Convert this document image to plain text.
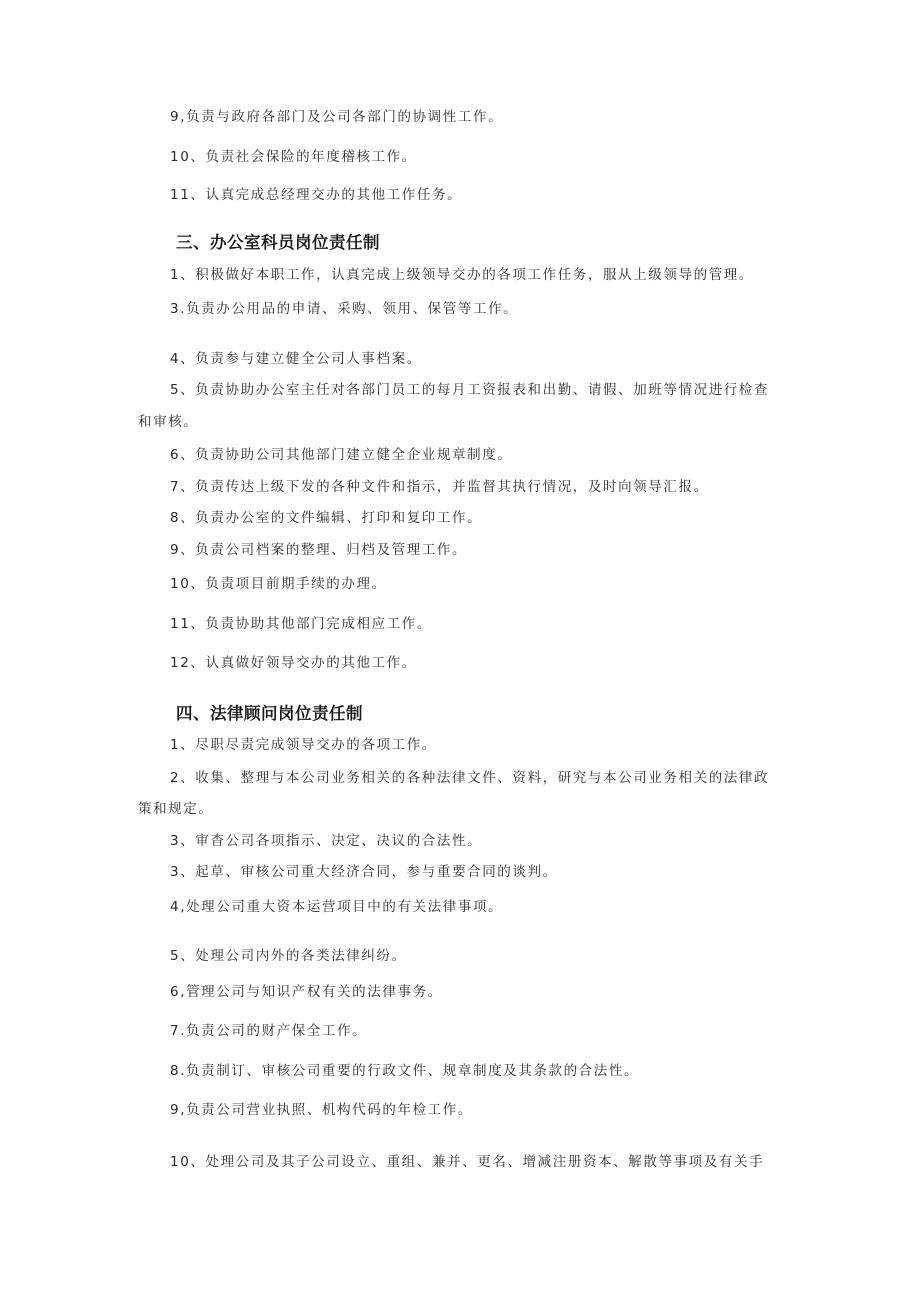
9,负责与政府各部门及公司各部门的协调性工作。
10、负责社会保险的年度稽核工作。
11、认真完成总经理交办的其他工作任务。
三、办公室科员岗位责任制
1、积极做好本职工作，认真完成上级领导交办的各项工作任务，服从上级领导的管理。
3.负责办公用品的申请、采购、领用、保管等工作。
4、负责参与建立健全公司人事档案。
5、负责协助办公室主任对各部门员工的每月工资报表和出勤、请假、加班等情况进行检查
和审核。
6、负责协助公司其他部门建立健全企业规章制度。
7、负责传达上级下发的各种文件和指示，并监督其执行情况，及时向领导汇报。
8、负责办公室的文件编辑、打印和复印工作。
9、负责公司档案的整理、归档及管理工作。
10、负责项目前期手续的办理。
11、负责协助其他部门完成相应工作。
12、认真做好领导交办的其他工作。
四、法律顾问岗位责任制
1、尽职尽责完成领导交办的各项工作。
2、收集、整理与本公司业务相关的各种法律文件、资料，研究与本公司业务相关的法律政
策和规定。
3、审杳公司各项指示、决定、决议的合法性。
3、起草、审核公司重大经济合同，参与重要合同的谈判。
4,处理公司重大资本运营项目中的有关法律事项。
5、处理公司内外的各类法律纠纷。
6,管理公司与知识产权有关的法律事务。
7.负责公司的财产保全工作。
8.负责制订、审核公司重要的行政文件、规章制度及其条款的合法性。
9,负责公司营业执照、机构代码的年检工作。
10、处理公司及其子公司设立、重组、兼并、更名、增减注册资本、解散等事项及有关手
